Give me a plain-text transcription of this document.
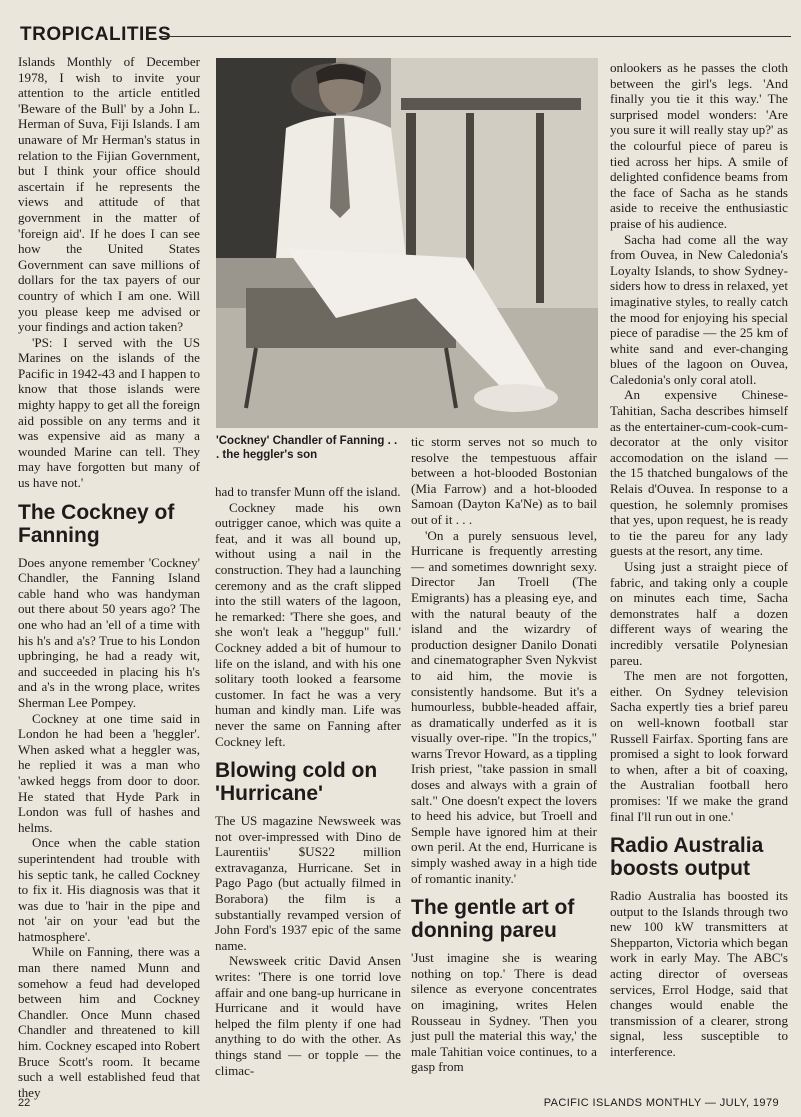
TROPICALITIES

Islands Monthly of December 1978, I wish to invite your attention to the article entitled 'Beware of the Bull' by a John L. Herman of Suva, Fiji Islands. I am unaware of Mr Herman's status in relation to the Fijian Government, but I think your office should ascertain if he represents the views and attitude of that government in the matter of 'foreign aid'. If he does I can see how the United States Government can save millions of dollars for the tax payers of our country of which I am one. Will you please keep me advised or your findings and action taken?

'PS: I served with the US Marines on the islands of the Pacific in 1942-43 and I happen to know that those islands were mighty happy to get all the foreign aid possible on any terms and it was expensive aid as many a wounded Marine can tell. They may have forgotten but many of us have not.'

The Cockney of Fanning

Does anyone remember 'Cockney' Chandler, the Fanning Island cable hand who was handyman out there about 50 years ago? The one who had an 'ell of a time with his h's and a's? True to his London upbringing, he had a ready wit, and succeeded in placing his h's and a's in the wrong place, writes Sherman Lee Pompey.

Cockney at one time said in London he had been a 'heggler'. When asked what a heggler was, he replied it was a man who 'awked heggs from door to door. He stated that Hyde Park in London was full of hashes and helms.

Once when the cable station superintendent had trouble with his septic tank, he called Cockney to fix it. His diagnosis was that it was due to 'hair in the pipe and not 'air on your 'ead but the hatmosphere'.

While on Fanning, there was a man there named Munn and somehow a feud had developed between him and Cockney Chandler. Once Munn chased Chandler and threatened to kill him. Cockney escaped into Robert Bruce Scott's room. It became such a well established feud that they

'Cockney' Chandler of Fanning . . . the heggler's son

had to transfer Munn off the island.

Cockney made his own outrigger canoe, which was quite a feat, and it was all bound up, without using a nail in the construction. They had a launching ceremony and as the craft slipped into the still waters of the lagoon, he remarked: 'There she goes, and she won't leak a "heggup" full.' Cockney added a bit of humour to life on the island, and with his one solitary tooth looked a fearsome customer. In fact he was a very human and kindly man. Life was never the same on Fanning after Cockney left.

Blowing cold on 'Hurricane'

The US magazine Newsweek was not over-impressed with Dino de Laurentiis' $US22 million extravaganza, Hurricane. Set in Pago Pago (but actually filmed in Borabora) the film is a substantially revamped version of John Ford's 1937 epic of the same name.

Newsweek critic David Ansen writes: 'There is one torrid love affair and one bang-up hurricane in Hurricane and it would have helped the film plenty if one had anything to do with the other. As things stand — or topple — the climac-

tic storm serves not so much to resolve the tempestuous affair between a hot-blooded Bostonian (Mia Farrow) and a hot-blooded Samoan (Dayton Ka'Ne) as to bail out of it . . .

'On a purely sensuous level, Hurricane is frequently arresting — and sometimes downright sexy. Director Jan Troell (The Emigrants) has a pleasing eye, and with the natural beauty of the island and the wizardry of production designer Danilo Donati and cinematographer Sven Nykvist to aid him, the movie is consistently handsome. But it's a humourless, bubble-headed affair, as dramatically underfed as it is visually over-ripe. "In the tropics," warns Trevor Howard, as a tippling Irish priest, "take passion in small doses and always with a grain of salt." One doesn't expect the lovers to heed his advice, but Troell and Semple have ignored him at their own peril. At the end, Hurricane is simply washed away in a high tide of romantic inanity.'

The gentle art of donning pareu

'Just imagine she is wearing nothing on top.' There is dead silence as everyone concentrates on imagining, writes Helen Rousseau in Sydney. 'Then you just pull the material this way,' the male Tahitian voice continues, to a gasp from

onlookers as he passes the cloth between the girl's legs. 'And finally you tie it this way.' The surprised model wonders: 'Are you sure it will really stay up?' as the colourful piece of pareu is tied across her hips. A smile of delighted confidence beams from the face of Sacha as he stands aside to receive the enthusiastic praise of his audience.

Sacha had come all the way from Ouvea, in New Caledonia's Loyalty Islands, to show Sydney-siders how to dress in relaxed, yet imaginative styles, to really catch the mood for enjoying his special piece of paradise — the 25 km of white sand and ever-changing blues of the lagoon on Ouvea, Caledonia's only coral atoll.

An expensive Chinese-Tahitian, Sacha describes himself as the entertainer-cum-cook-cum-decorator at the only visitor accomodation on the island — the 15 thatched bungalows of the Relais d'Ouvea. In response to a question, he solemnly promises that yes, upon request, he is ready to tie the pareu for any lady guests at the resort, any time.

Using just a straight piece of fabric, and taking only a couple on minutes each time, Sacha demonstrates half a dozen different ways of wearing the incredibly versatile Polynesian pareu.

The men are not forgotten, either. On Sydney television Sacha expertly ties a brief pareu on well-known football star Russell Fairfax. Sporting fans are promised a sight to look forward to when, after a bit of coaxing, the Australian football hero promises: 'If we make the grand final I'll run out in one.'

Radio Australia boosts output

Radio Australia has boosted its output to the Islands through two new 100 kW transmitters at Shepparton, Victoria which began work in early May. The ABC's acting director of overseas services, Errol Hodge, said that changes would enable the transmission of a clearer, strong signal, less susceptible to interference.

22	PACIFIC ISLANDS MONTHLY — JULY, 1979
